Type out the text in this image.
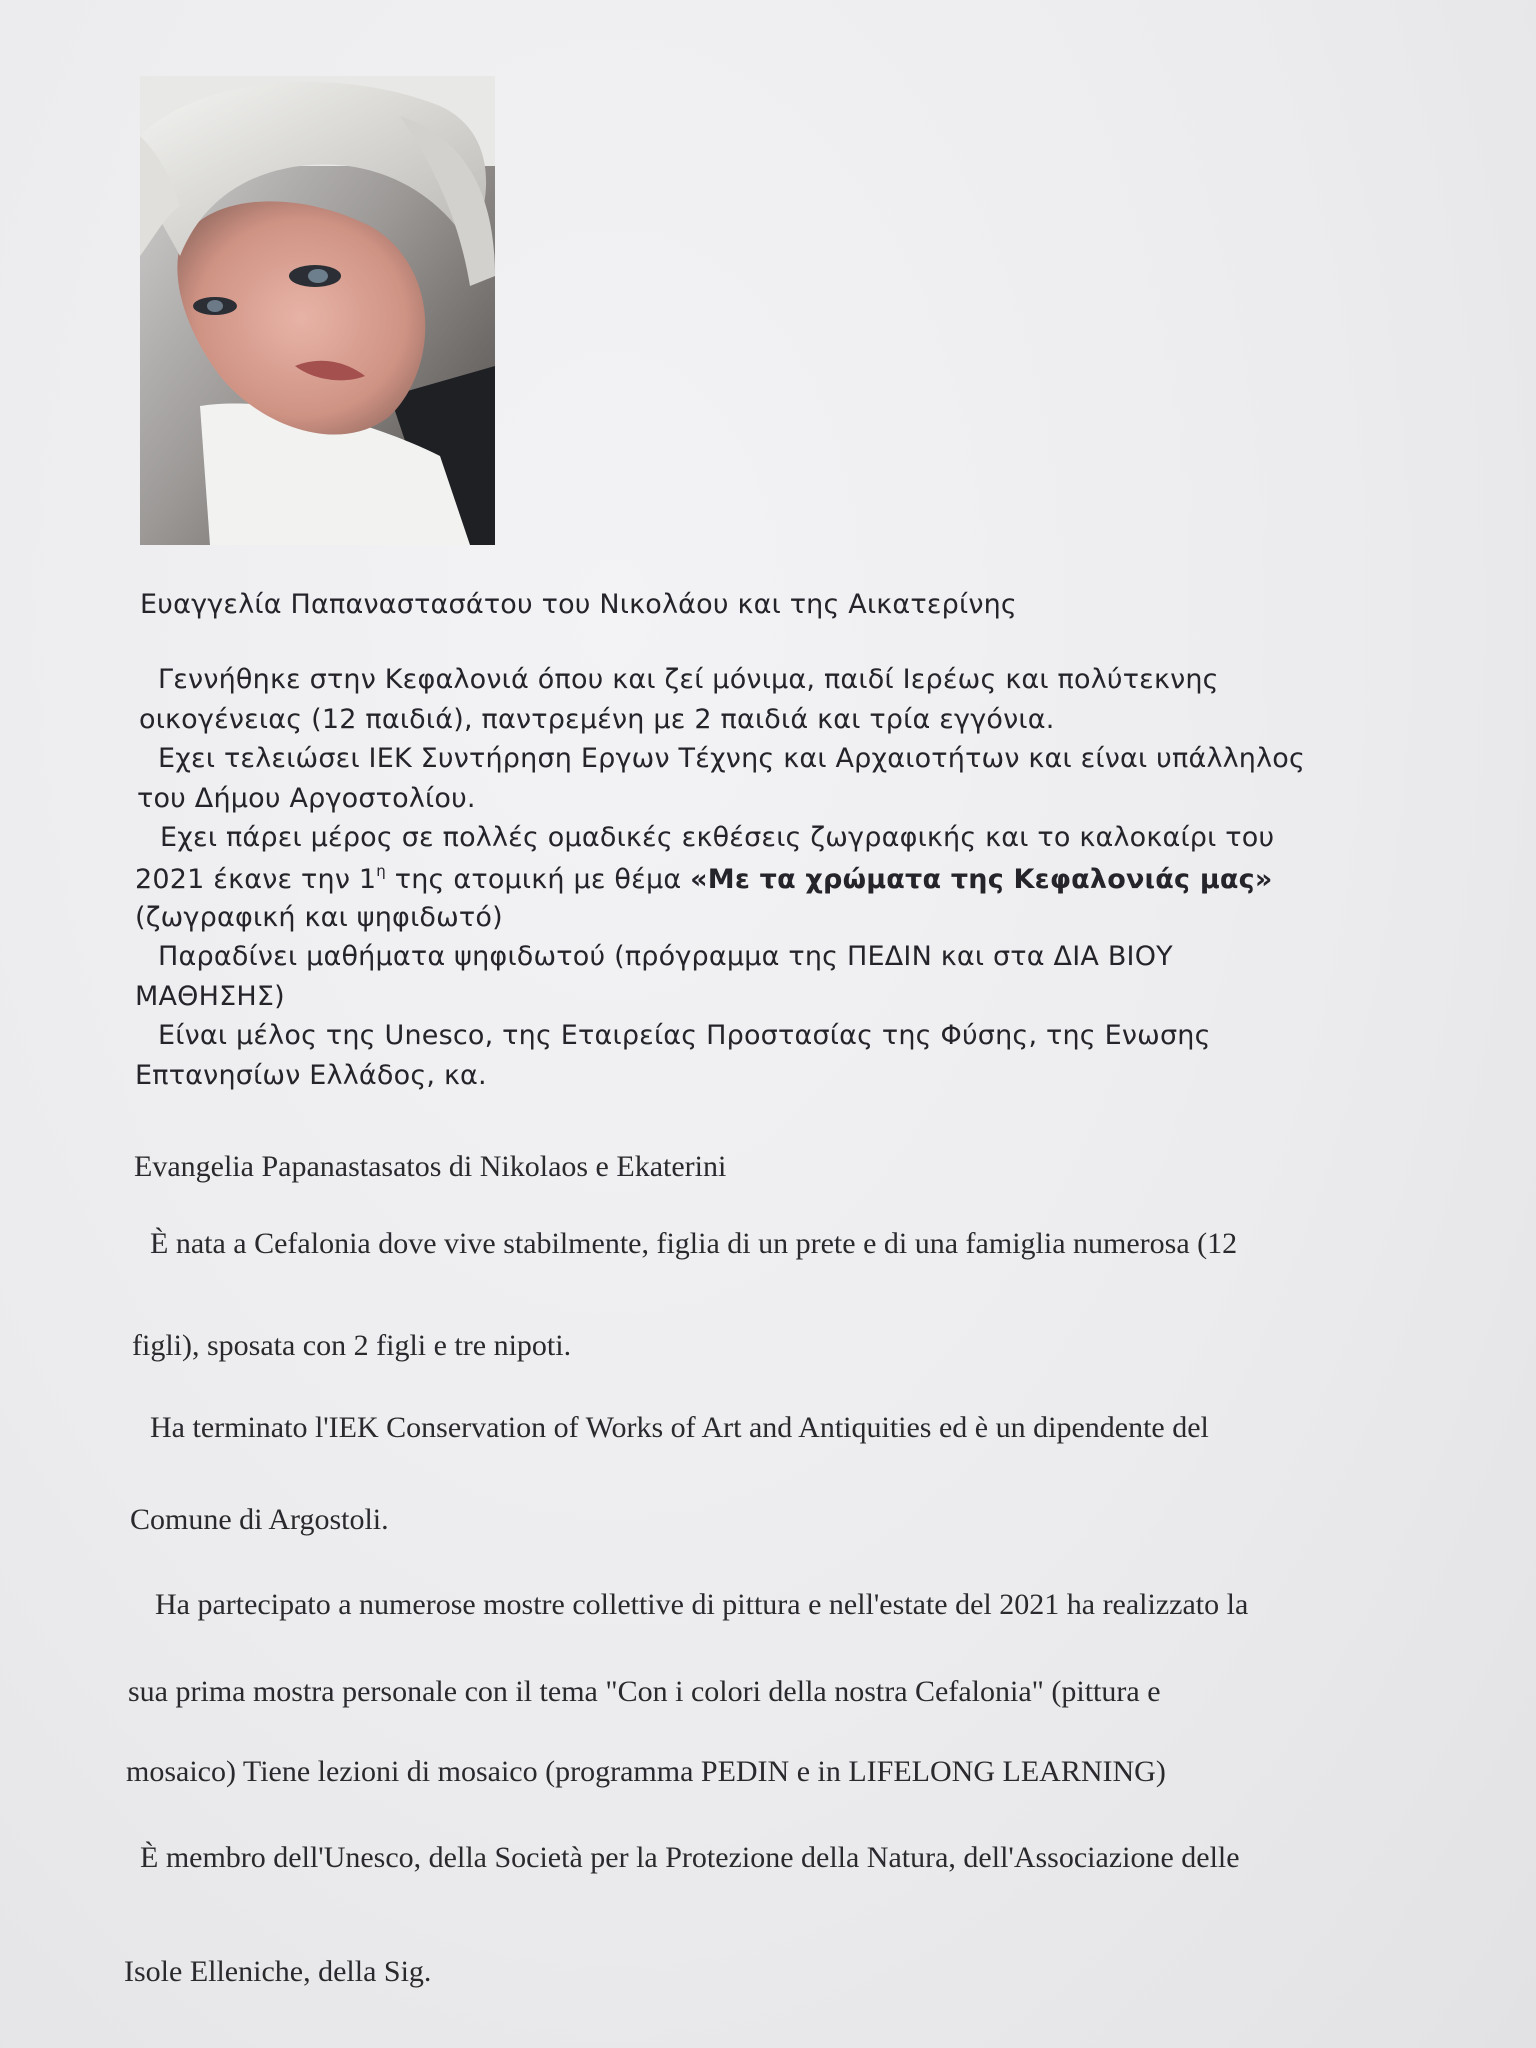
Ευαγγελία Παπαναστασάτου του Νικολάου και της Αικατερίνης
Γεννήθηκε στην Κεφαλονιά όπου και ζεί μόνιμα, παιδί Ιερέως και πολύτεκνης
οικογένειας (12 παιδιά), παντρεμένη με 2 παιδιά και τρία εγγόνια.
Εχει τελειώσει ΙΕΚ Συντήρηση Εργων Τέχνης και Αρχαιοτήτων και είναι υπάλληλος
του Δήμου Αργοστολίου.
Εχει πάρει μέρος σε πολλές ομαδικές εκθέσεις ζωγραφικής και το καλοκαίρι του
2021 έκανε την $1^\eta$ της ατομική με θέμα «Με τα χρώματα της Κεφαλονιάς μας»
(ζωγραφική και ψηφιδωτό)
Παραδίνει μαθήματα ψηφιδωτού (πρόγραμμα της ΠΕΔΙΝ και στα ΔΙΑ ΒΙΟΥ
ΜΑΘΗΣΗΣ)
Είναι μέλος της Unesco, της Εταιρείας Προστασίας της Φύσης, της Ενωσης
Επτανησίων Ελλάδος, κα.
Evangelia Papanastasatos di Nikolaos e Ekaterini
È nata a Cefalonia dove vive stabilmente, figlia di un prete e di una famiglia numerosa (12
figli), sposata con 2 figli e tre nipoti.
Ha terminato l'IEK Conservation of Works of Art and Antiquities ed è un dipendente del
Comune di Argostoli.
Ha partecipato a numerose mostre collettive di pittura e nell'estate del 2021 ha realizzato la
sua prima mostra personale con il tema "Con i colori della nostra Cefalonia" (pittura e
mosaico) Tiene lezioni di mosaico (programma PEDIN e in LIFELONG LEARNING)
È membro dell'Unesco, della Società per la Protezione della Natura, dell'Associazione delle
Isole Elleniche, della Sig.
